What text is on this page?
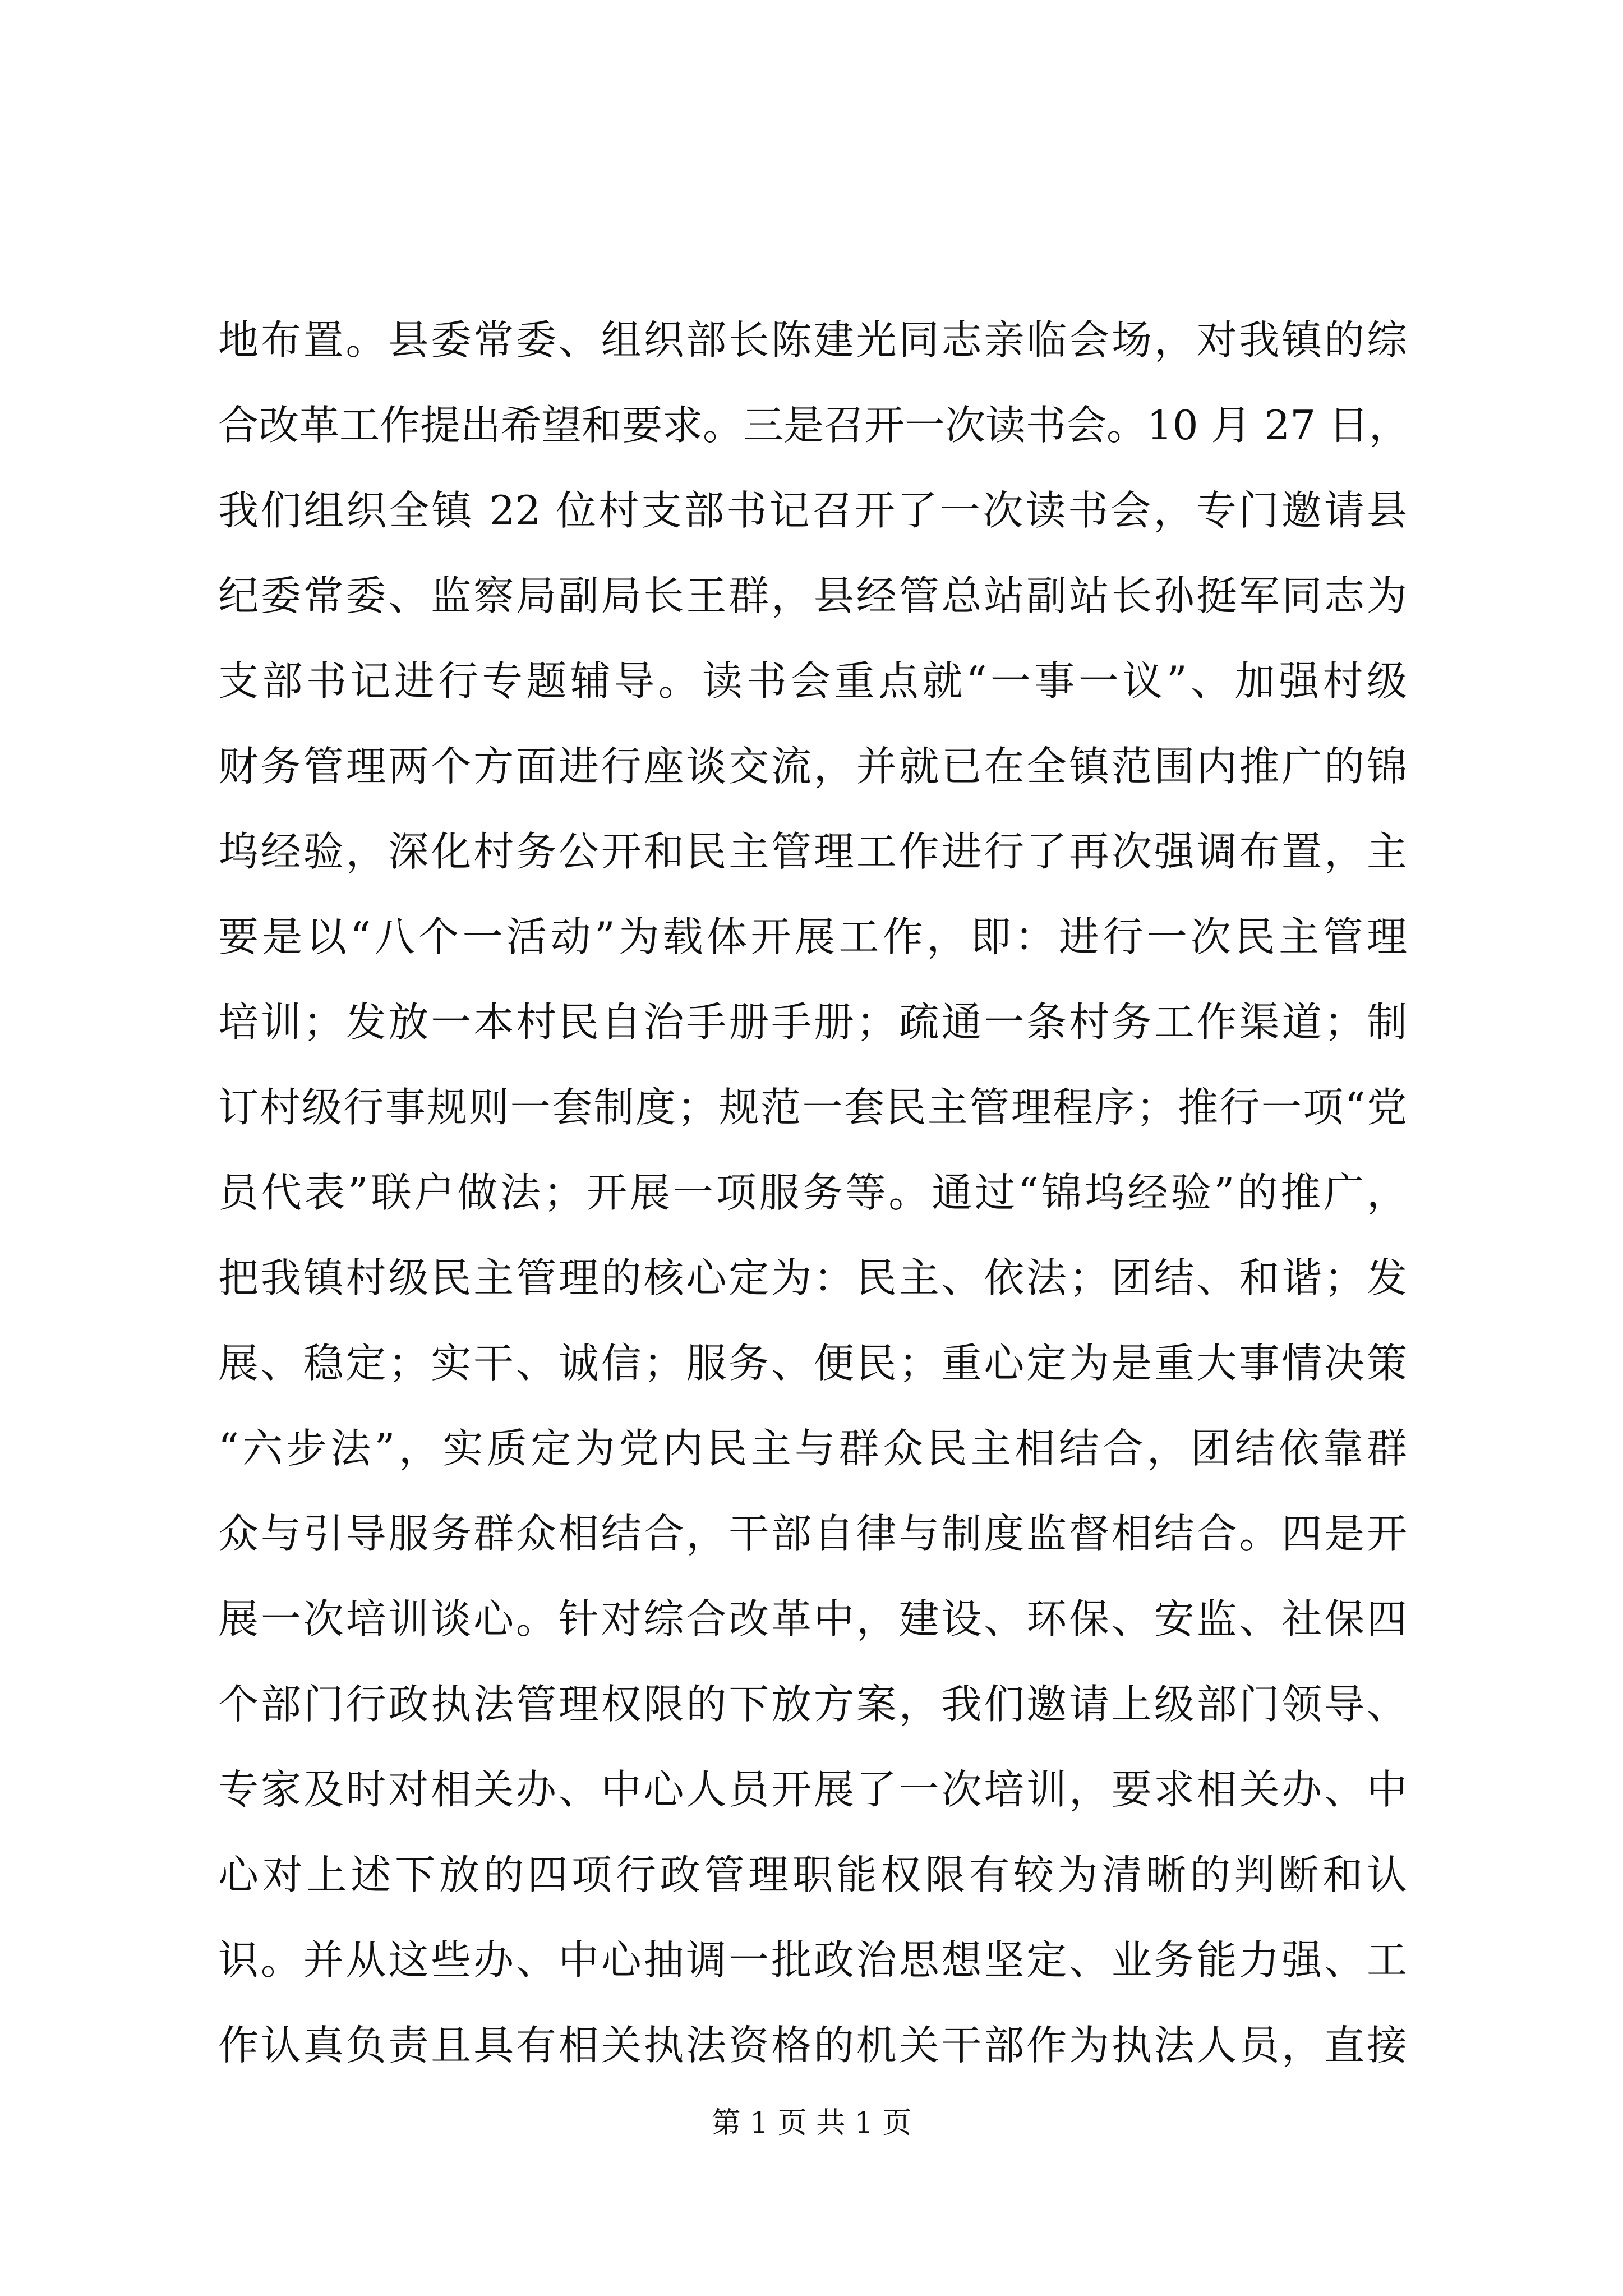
地布置。县委常委、组织部长陈建光同志亲临会场，对我镇的综
合改革工作提出希望和要求。三是召开一次读书会。10 月 27 日，
我们组织全镇 22 位村支部书记召开了一次读书会，专门邀请县
纪委常委、监察局副局长王群，县经管总站副站长孙挺军同志为
支部书记进行专题辅导。读书会重点就“一事一议”、加强村级
财务管理两个方面进行座谈交流，并就已在全镇范围内推广的锦
坞经验，深化村务公开和民主管理工作进行了再次强调布置，主
要是以“八个一活动”为载体开展工作，即：进行一次民主管理
培训；发放一本村民自治手册手册；疏通一条村务工作渠道；制
订村级行事规则一套制度；规范一套民主管理程序；推行一项“党
员代表”联户做法；开展一项服务等。通过“锦坞经验”的推广，
把我镇村级民主管理的核心定为：民主、依法；团结、和谐；发
展、稳定；实干、诚信；服务、便民；重心定为是重大事情决策
“六步法”，实质定为党内民主与群众民主相结合，团结依靠群
众与引导服务群众相结合，干部自律与制度监督相结合。四是开
展一次培训谈心。针对综合改革中，建设、环保、安监、社保四
个部门行政执法管理权限的下放方案，我们邀请上级部门领导、
专家及时对相关办、中心人员开展了一次培训，要求相关办、中
心对上述下放的四项行政管理职能权限有较为清晰的判断和认
识。并从这些办、中心抽调一批政治思想坚定、业务能力强、工
作认真负责且具有相关执法资格的机关干部作为执法人员，直接
第 1 页 共 1 页
